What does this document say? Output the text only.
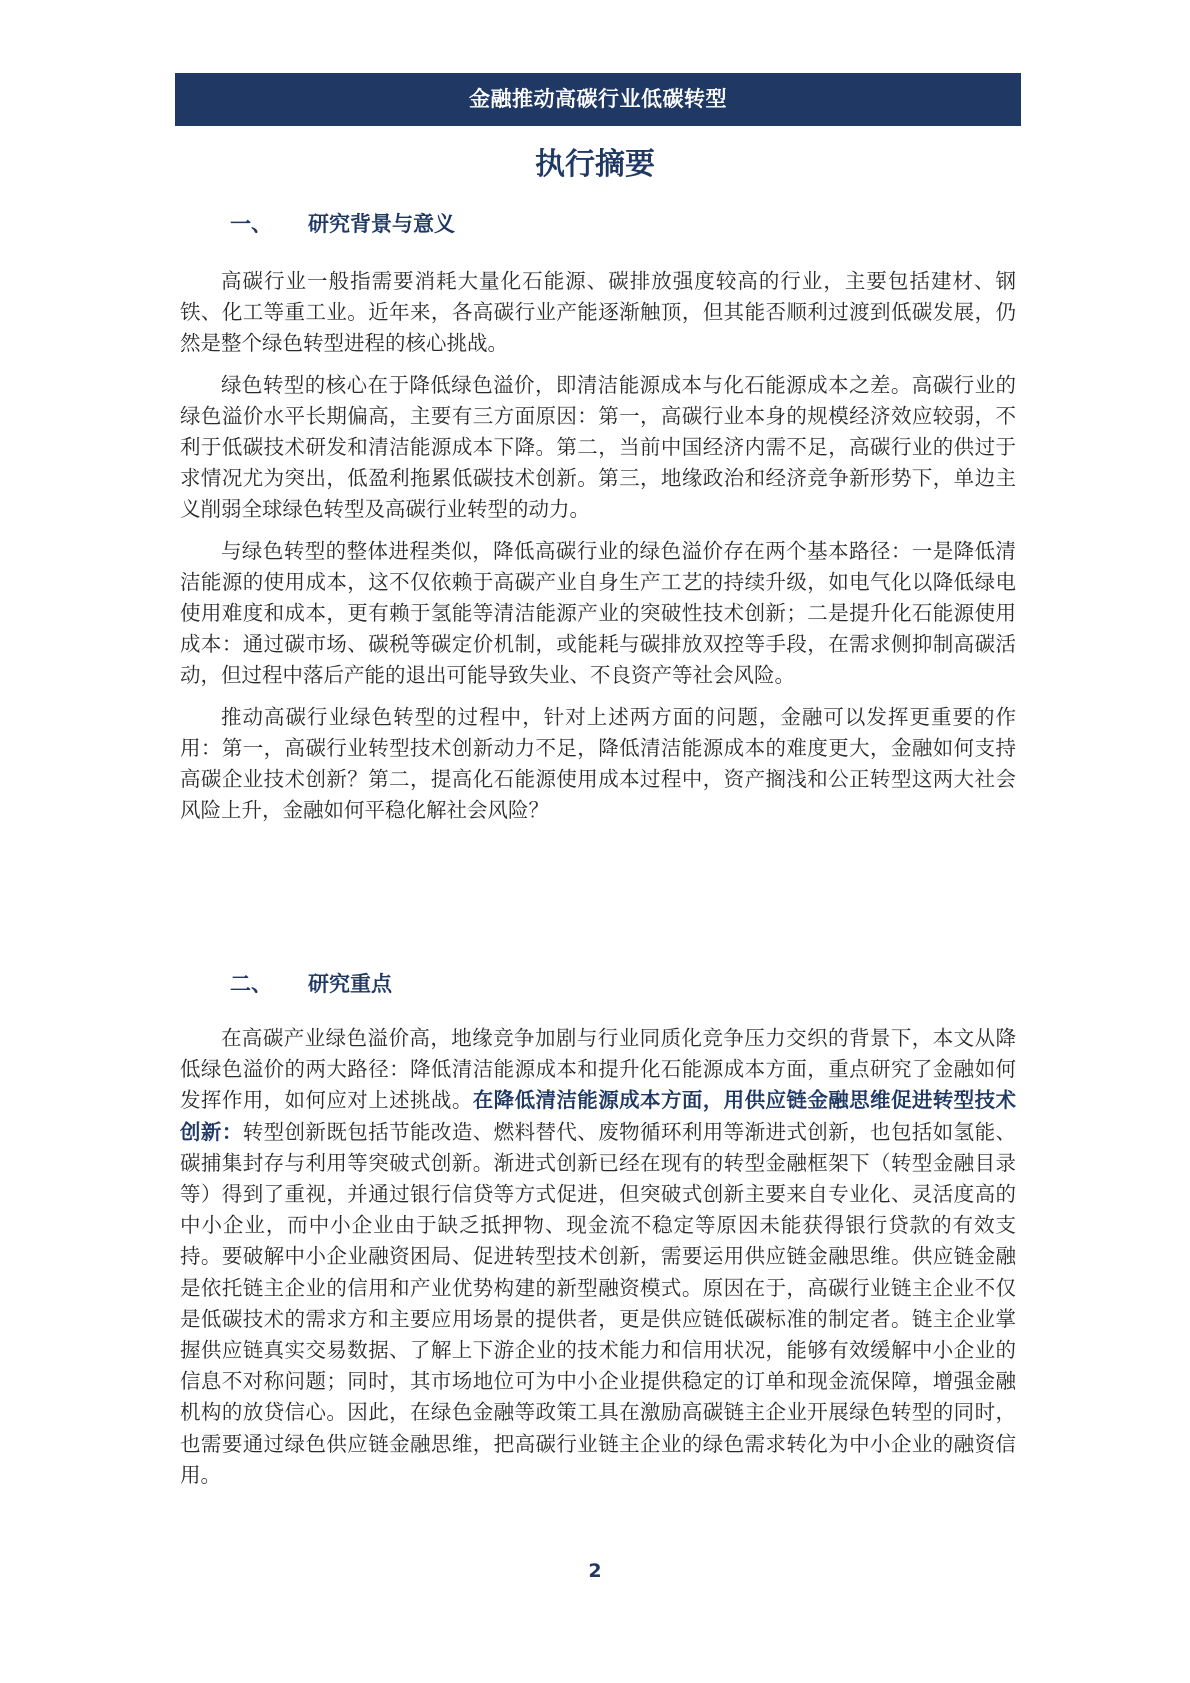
金融推动高碳行业低碳转型
执行摘要
一、 研究背景与意义

高碳行业一般指需要消耗大量化石能源、碳排放强度较高的行业，主要包括建材、钢铁、化工等重工业。近年来，各高碳行业产能逐渐触顶，但其能否顺利过渡到低碳发展，仍然是整个绿色转型进程的核心挑战。

绿色转型的核心在于降低绿色溢价，即清洁能源成本与化石能源成本之差。高碳行业的绿色溢价水平长期偏高，主要有三方面原因：第一，高碳行业本身的规模经济效应较弱，不利于低碳技术研发和清洁能源成本下降。第二，当前中国经济内需不足，高碳行业的供过于求情况尤为突出，低盈利拖累低碳技术创新。第三，地缘政治和经济竞争新形势下，单边主义削弱全球绿色转型及高碳行业转型的动力。

与绿色转型的整体进程类似，降低高碳行业的绿色溢价存在两个基本路径：一是降低清洁能源的使用成本，这不仅依赖于高碳产业自身生产工艺的持续升级，如电气化以降低绿电使用难度和成本，更有赖于氢能等清洁能源产业的突破性技术创新；二是提升化石能源使用成本：通过碳市场、碳税等碳定价机制，或能耗与碳排放双控等手段，在需求侧抑制高碳活动，但过程中落后产能的退出可能导致失业、不良资产等社会风险。

推动高碳行业绿色转型的过程中，针对上述两方面的问题，金融可以发挥更重要的作用：第一，高碳行业转型技术创新动力不足，降低清洁能源成本的难度更大，金融如何支持高碳企业技术创新？第二，提高化石能源使用成本过程中，资产搁浅和公正转型这两大社会风险上升，金融如何平稳化解社会风险？

二、 研究重点

在高碳产业绿色溢价高，地缘竞争加剧与行业同质化竞争压力交织的背景下，本文从降低绿色溢价的两大路径：降低清洁能源成本和提升化石能源成本方面，重点研究了金融如何发挥作用，如何应对上述挑战。在降低清洁能源成本方面，用供应链金融思维促进转型技术创新：转型创新既包括节能改造、燃料替代、废物循环利用等渐进式创新，也包括如氢能、碳捕集封存与利用等突破式创新。渐进式创新已经在现有的转型金融框架下（转型金融目录等）得到了重视，并通过银行信贷等方式促进，但突破式创新主要来自专业化、灵活度高的中小企业，而中小企业由于缺乏抵押物、现金流不稳定等原因未能获得银行贷款的有效支持。要破解中小企业融资困局、促进转型技术创新，需要运用供应链金融思维。供应链金融是依托链主企业的信用和产业优势构建的新型融资模式。原因在于，高碳行业链主企业不仅是低碳技术的需求方和主要应用场景的提供者，更是供应链低碳标准的制定者。链主企业掌握供应链真实交易数据、了解上下游企业的技术能力和信用状况，能够有效缓解中小企业的信息不对称问题；同时，其市场地位可为中小企业提供稳定的订单和现金流保障，增强金融机构的放贷信心。因此，在绿色金融等政策工具在激励高碳链主企业开展绿色转型的同时，也需要通过绿色供应链金融思维，把高碳行业链主企业的绿色需求转化为中小企业的融资信用。

2
